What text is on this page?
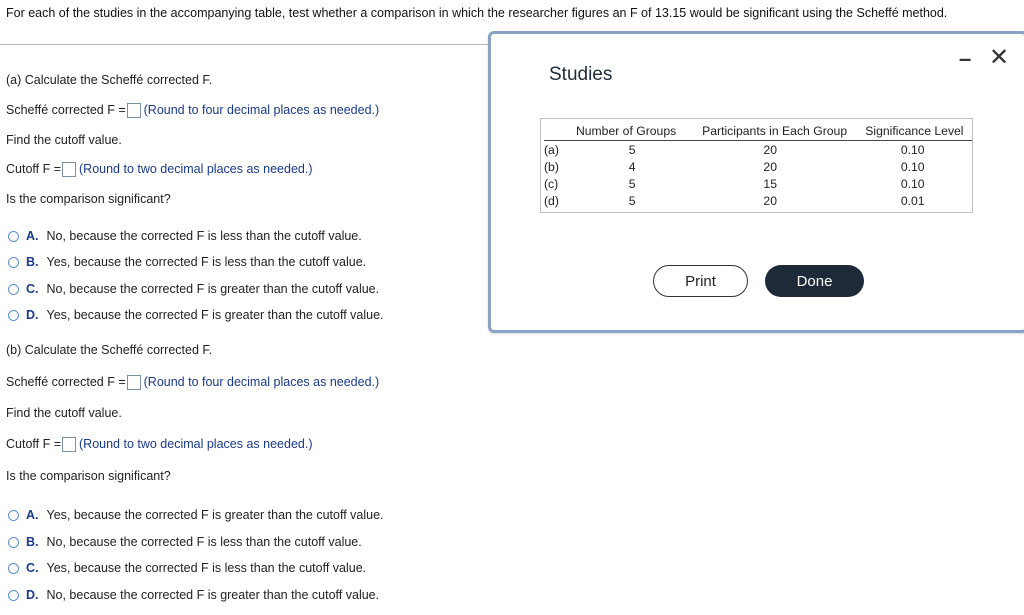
For each of the studies in the accompanying table, test whether a comparison in which the researcher figures an F of 13.15 would be significant using the Scheffé method.
(a) Calculate the Scheffé corrected F.
Scheffé corrected F = (Round to four decimal places as needed.)
Find the cutoff value.
Cutoff F = (Round to two decimal places as needed.)
Is the comparison significant?
A. No, because the corrected F is less than the cutoff value.
B. Yes, because the corrected F is less than the cutoff value.
C. No, because the corrected F is greater than the cutoff value.
D. Yes, because the corrected F is greater than the cutoff value.
(b) Calculate the Scheffé corrected F.
Scheffé corrected F = (Round to four decimal places as needed.)
Find the cutoff value.
Cutoff F = (Round to two decimal places as needed.)
Is the comparison significant?
A. Yes, because the corrected F is greater than the cutoff value.
B. No, because the corrected F is less than the cutoff value.
C. Yes, because the corrected F is less than the cutoff value.
D. No, because the corrected F is greater than the cutoff value.
Studies
– ✕
	Number of Groups	Participants in Each Group	Significance Level
(a)	5	20	0.10
(b)	4	20	0.10
(c)	5	15	0.10
(d)	5	20	0.01
Print	Done
